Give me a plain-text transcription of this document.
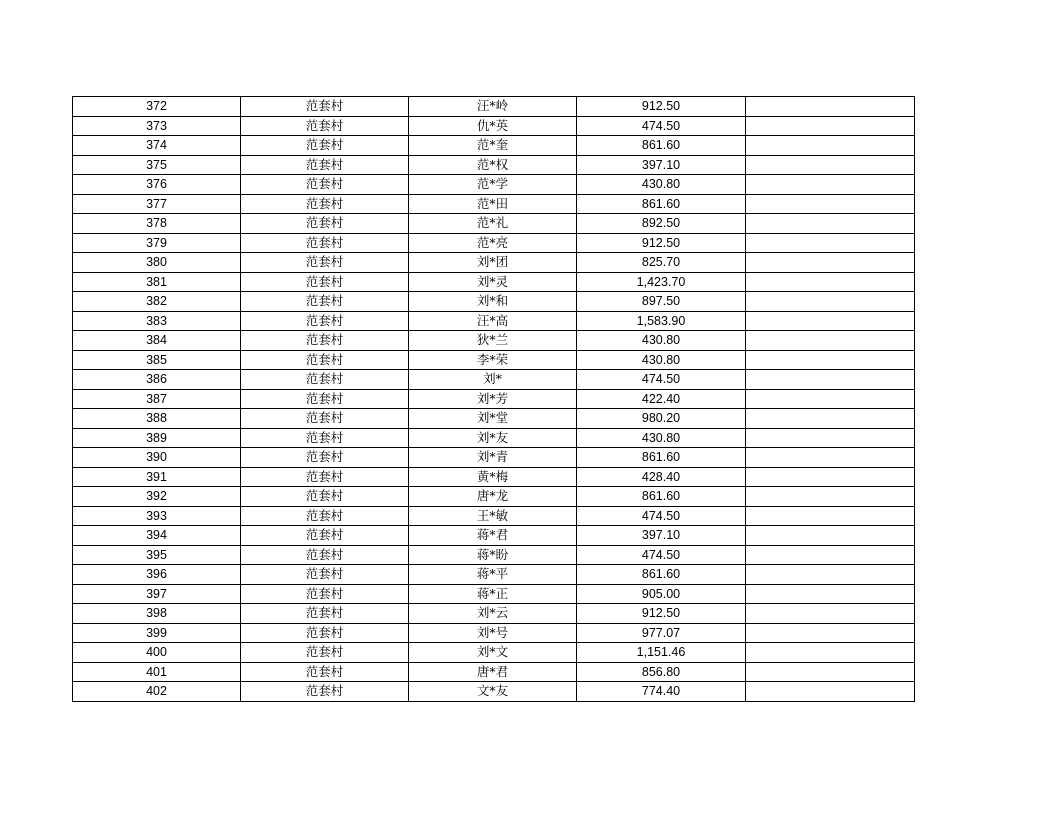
372	范套村	汪*岭	912.50	
373	范套村	仇*英	474.50	
374	范套村	范*奎	861.60	
375	范套村	范*权	397.10	
376	范套村	范*学	430.80	
377	范套村	范*田	861.60	
378	范套村	范*礼	892.50	
379	范套村	范*亮	912.50	
380	范套村	刘*团	825.70	
381	范套村	刘*灵	1,423.70	
382	范套村	刘*和	897.50	
383	范套村	汪*高	1,583.90	
384	范套村	狄*兰	430.80	
385	范套村	李*荣	430.80	
386	范套村	刘*	474.50	
387	范套村	刘*芳	422.40	
388	范套村	刘*堂	980.20	
389	范套村	刘*友	430.80	
390	范套村	刘*青	861.60	
391	范套村	黄*梅	428.40	
392	范套村	唐*龙	861.60	
393	范套村	王*敏	474.50	
394	范套村	蒋*君	397.10	
395	范套村	蒋*盼	474.50	
396	范套村	蒋*平	861.60	
397	范套村	蒋*正	905.00	
398	范套村	刘*云	912.50	
399	范套村	刘*号	977.07	
400	范套村	刘*文	1,151.46	
401	范套村	唐*君	856.80	
402	范套村	文*友	774.40	
